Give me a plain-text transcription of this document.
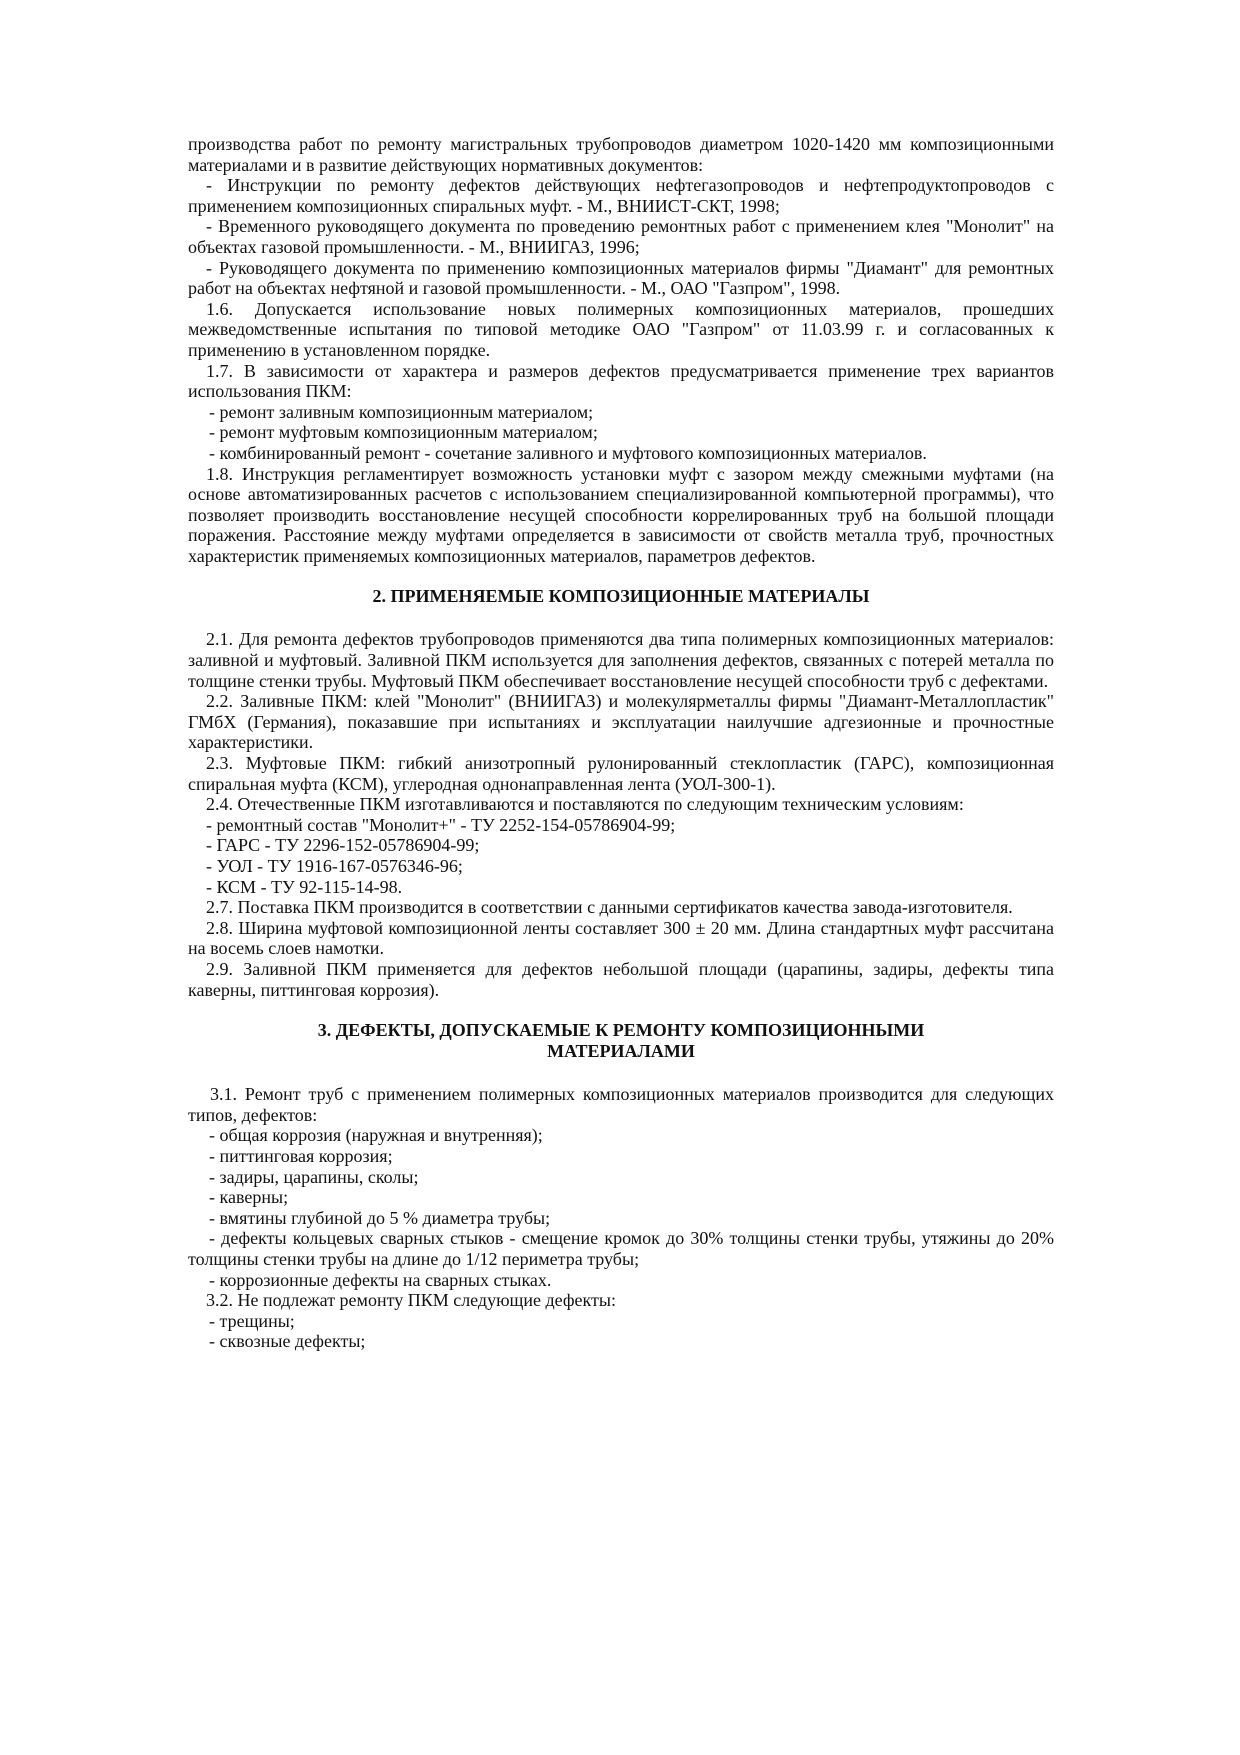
производства работ по ремонту магистральных трубопроводов диаметром 1020-1420 мм композиционными материалами и в развитие действующих нормативных документов:

- Инструкции по ремонту дефектов действующих нефтегазопроводов и нефтепродуктопроводов с применением композиционных спиральных муфт. - М., ВНИИСТ-СКТ, 1998;

- Временного руководящего документа по проведению ремонтных работ с применением клея "Монолит" на объектах газовой промышленности. - М., ВНИИГАЗ, 1996;

- Руководящего документа по применению композиционных материалов фирмы "Диамант" для ремонтных работ на объектах нефтяной и газовой промышленности. - М., ОАО "Газпром", 1998.

1.6. Допускается использование новых полимерных композиционных материалов, прошедших межведомственные испытания по типовой методике ОАО "Газпром" от 11.03.99 г. и согласованных к применению в установленном порядке.

1.7. В зависимости от характера и размеров дефектов предусматривается применение трех вариантов использования ПКМ:

- ремонт заливным композиционным материалом;

- ремонт муфтовым композиционным материалом;

- комбинированный ремонт - сочетание заливного и муфтового композиционных материалов.

1.8. Инструкция регламентирует возможность установки муфт с зазором между смежными муфтами (на основе автоматизированных расчетов с использованием специализированной компьютерной программы), что позволяет производить восстановление несущей способности коррелированных труб на большой площади поражения. Расстояние между муфтами определяется в зависимости от свойств металла труб, прочностных характеристик применяемых композиционных материалов, параметров дефектов.

2. ПРИМЕНЯЕМЫЕ КОМПОЗИЦИОННЫЕ МАТЕРИАЛЫ

2.1. Для ремонта дефектов трубопроводов применяются два типа полимерных композиционных материалов: заливной и муфтовый. Заливной ПКМ используется для заполнения дефектов, связанных с потерей металла по толщине стенки трубы. Муфтовый ПКМ обеспечивает восстановление несущей способности труб с дефектами.

2.2. Заливные ПКМ: клей "Монолит" (ВНИИГАЗ) и молекулярметаллы фирмы "Диамант-Металлопластик" ГМбХ (Германия), показавшие при испытаниях и эксплуатации наилучшие адгезионные и прочностные характеристики.

2.3. Муфтовые ПКМ: гибкий анизотропный рулонированный стеклопластик (ГАРС), композиционная спиральная муфта (КСМ), углеродная однонаправленная лента (УОЛ-300-1).

2.4. Отечественные ПКМ изготавливаются и поставляются по следующим техническим условиям:

- ремонтный состав "Монолит+" - ТУ 2252-154-05786904-99;

- ГАРС - ТУ 2296-152-05786904-99;

- УОЛ - ТУ 1916-167-0576346-96;

- КСМ - ТУ 92-115-14-98.

2.7. Поставка ПКМ производится в соответствии с данными сертификатов качества завода-изготовителя.

2.8. Ширина муфтовой композиционной ленты составляет 300 ± 20 мм. Длина стандартных муфт рассчитана на восемь слоев намотки.

2.9. Заливной ПКМ применяется для дефектов небольшой площади (царапины, задиры, дефекты типа каверны, питтинговая коррозия).

3. ДЕФЕКТЫ, ДОПУСКАЕМЫЕ К РЕМОНТУ КОМПОЗИЦИОННЫМИ МАТЕРИАЛАМИ

3.1. Ремонт труб с применением полимерных композиционных материалов производится для следующих типов, дефектов:

- общая коррозия (наружная и внутренняя);

- питтинговая коррозия;

- задиры, царапины, сколы;

- каверны;

- вмятины глубиной до 5 % диаметра трубы;

- дефекты кольцевых сварных стыков - смещение кромок до 30% толщины стенки трубы, утяжины до 20% толщины стенки трубы на длине до 1/12 периметра трубы;

- коррозионные дефекты на сварных стыках.

3.2. Не подлежат ремонту ПКМ следующие дефекты:

- трещины;

- сквозные дефекты;
